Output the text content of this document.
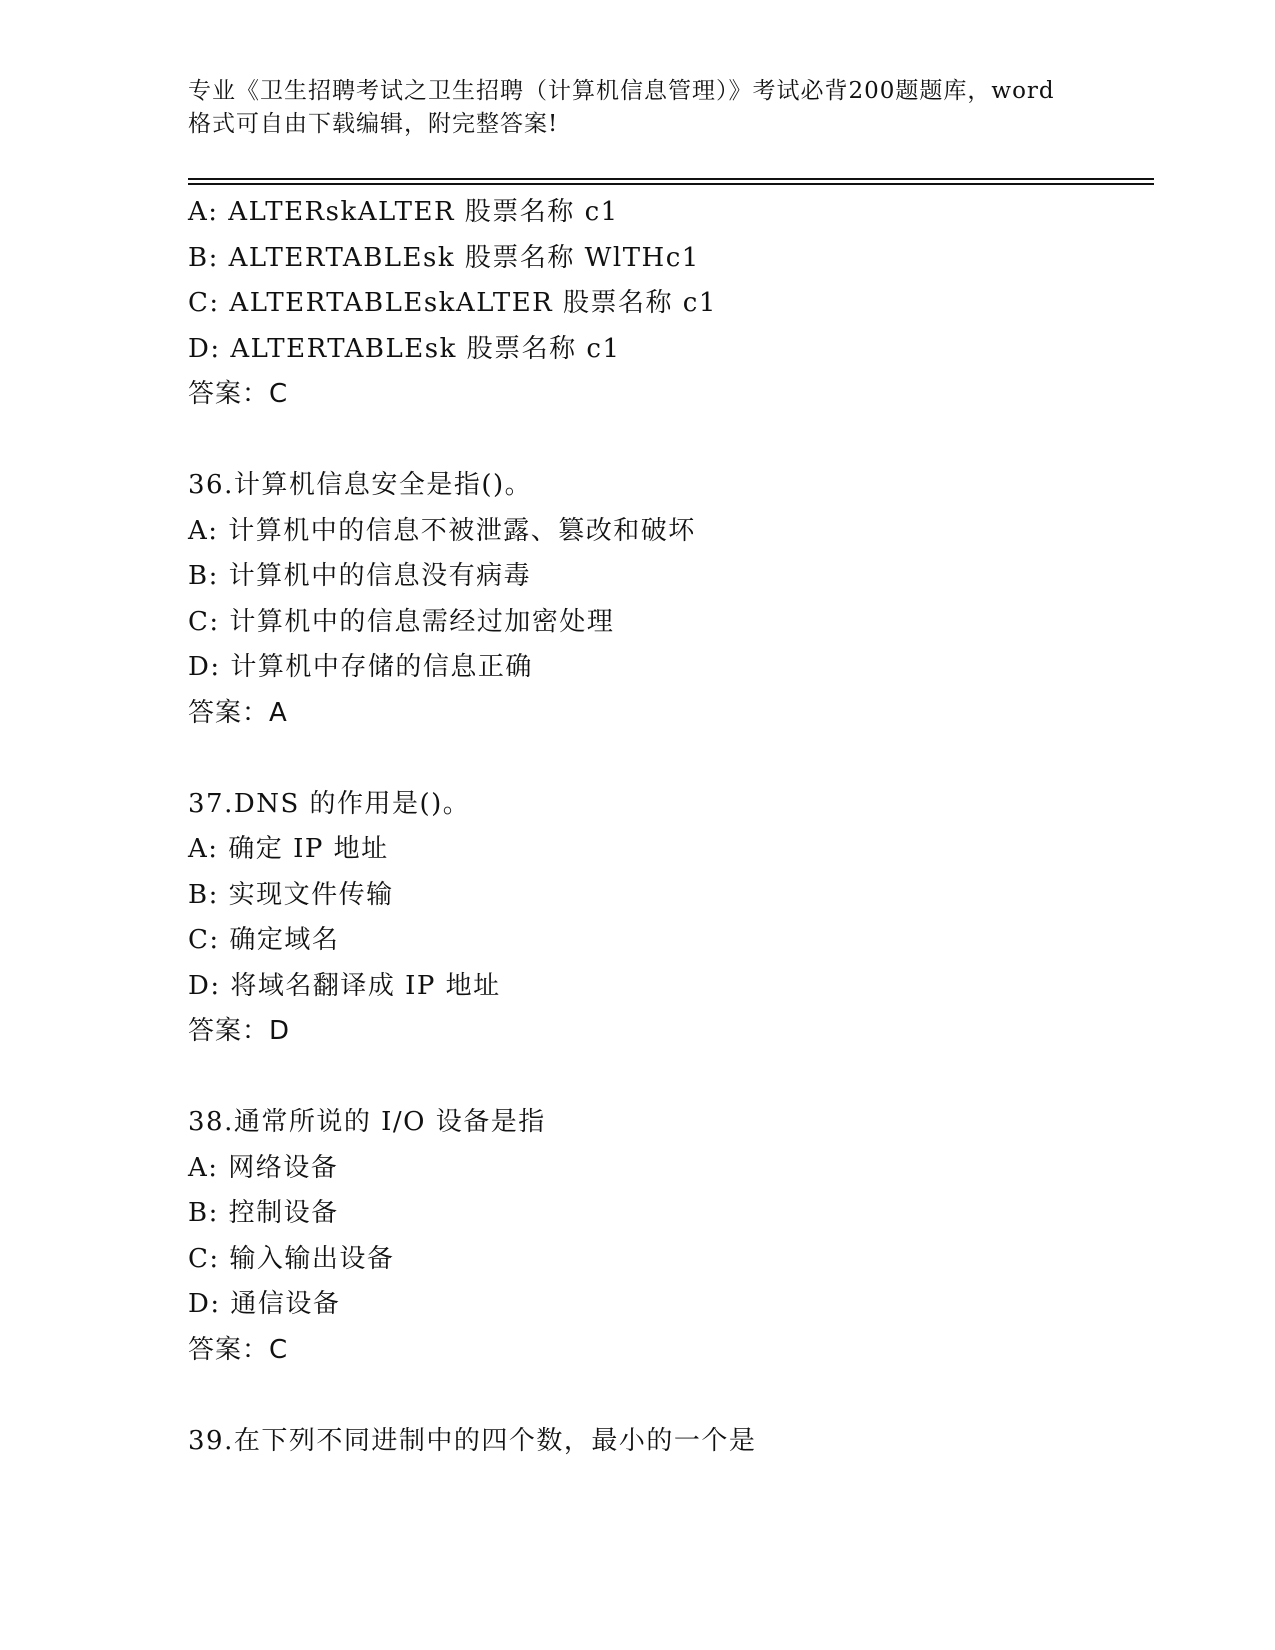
专业《卫生招聘考试之卫生招聘（计算机信息管理）》考试必背200题题库，word
格式可自由下载编辑，附完整答案!
A: ALTERskALTER 股票名称 c1
B: ALTERTABLEsk 股票名称 WlTHc1
C: ALTERTABLEskALTER 股票名称 c1
D: ALTERTABLEsk 股票名称 c1
答案：C
36.计算机信息安全是指()。
A: 计算机中的信息不被泄露、篡改和破坏
B: 计算机中的信息没有病毒
C: 计算机中的信息需经过加密处理
D: 计算机中存储的信息正确
答案：A
37.DNS 的作用是()。
A: 确定 IP 地址
B: 实现文件传输
C: 确定域名
D: 将域名翻译成 IP 地址
答案：D
38.通常所说的 I/O 设备是指
A: 网络设备
B: 控制设备
C: 输入输出设备
D: 通信设备
答案：C
39.在下列不同进制中的四个数，最小的一个是
